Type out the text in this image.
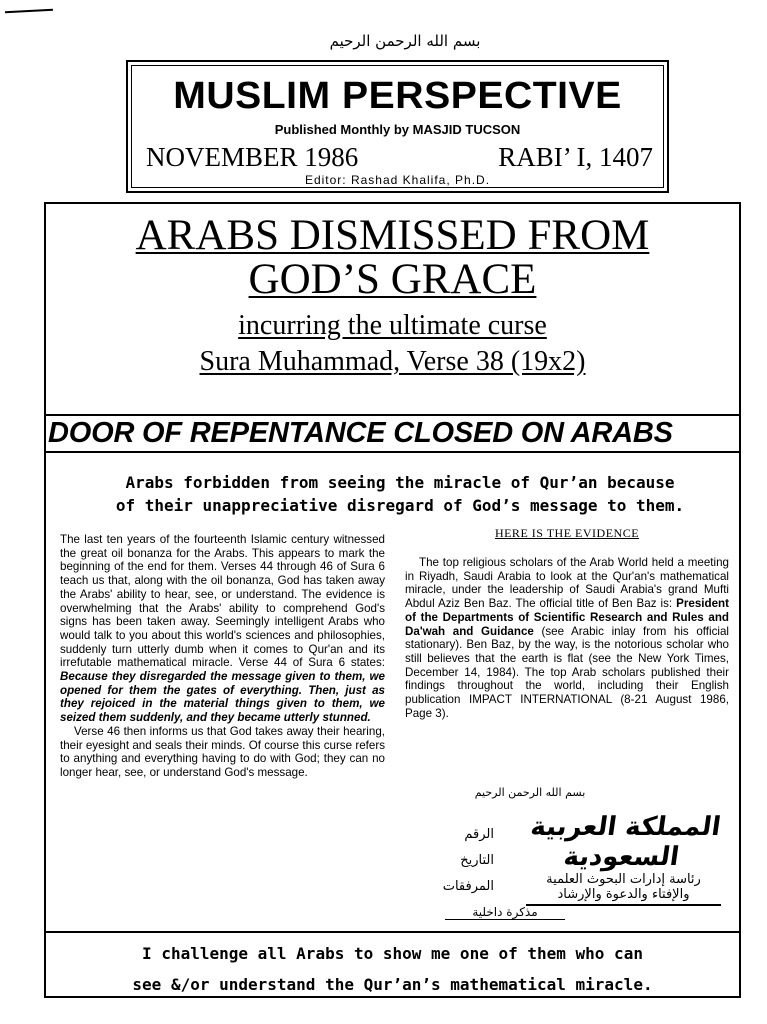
بسم الله الرحمن الرحيم
MUSLIM PERSPECTIVE
Published Monthly by MASJID TUCSON
NOVEMBER 1986	RABI’ I, 1407
Editor: Rashad Khalifa, Ph.D.
ARABS DISMISSED FROM
GOD’S GRACE
incurring the ultimate curse
Sura Muhammad, Verse 38 (19x2)
DOOR OF REPENTANCE CLOSED ON ARABS
Arabs forbidden from seeing the miracle of Qur’an because
of their unappreciative disregard of God’s message to them.

The last ten years of the fourteenth Islamic century witnessed the great oil bonanza for the Arabs. This appears to mark the beginning of the end for them. Verses 44 through 46 of Sura 6 teach us that, along with the oil bonanza, God has taken away the Arabs' ability to hear, see, or understand. The evidence is overwhelming that the Arabs' ability to comprehend God's signs has been taken away. Seemingly intelligent Arabs who would talk to you about this world's sciences and philosophies, suddenly turn utterly dumb when it comes to Qur'an and its irrefutable mathematical miracle. Verse 44 of Sura 6 states: Because they disregarded the message given to them, we opened for them the gates of everything. Then, just as they rejoiced in the material things given to them, we seized them suddenly, and they became utterly stunned.

Verse 46 then informs us that God takes away their hearing, their eyesight and seals their minds. Of course this curse refers to anything and everything having to do with God; they can no longer hear, see, or understand God's message.

HERE IS THE EVIDENCE

The top religious scholars of the Arab World held a meeting in Riyadh, Saudi Arabia to look at the Qur'an's mathematical miracle, under the leadership of Saudi Arabia's grand Mufti Abdul Aziz Ben Baz. The official title of Ben Baz is: President of the Departments of Scientific Research and Rules and Da'wah and Guidance (see Arabic inlay from his official stationary). Ben Baz, by the way, is the notorious scholar who still believes that the earth is flat (see the New York Times, December 14, 1984). The top Arab scholars published their findings throughout the world, including their English publication IMPACT INTERNATIONAL (8-21 August 1986, Page 3).

بسم الله الرحمن الرحيم
الرقم
التاريخ
المرفقات
المملكة العربية السعودية
رئاسة إدارات البحوث العلمية والإفتاء والدعوة والإرشاد
مذكرة داخلية
I challenge all Arabs to show me one of them who can
see &/or understand the Qur’an’s mathematical miracle.
